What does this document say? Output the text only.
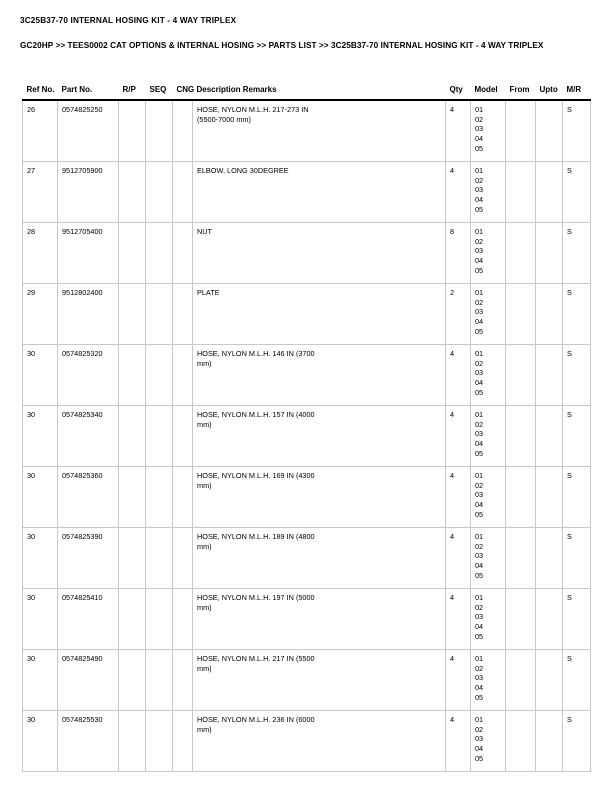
3C25B37-70 INTERNAL HOSING KIT - 4 WAY TRIPLEX
GC20HP >> TEES0002 CAT OPTIONS & INTERNAL HOSING >> PARTS LIST >> 3C25B37-70 INTERNAL HOSING KIT - 4 WAY TRIPLEX
Ref No.	Part No.	R/P	SEQ	CNG	Description Remarks	Qty	Model	From	Upto	M/R
26	0574825250				HOSE, NYLON M.L.H. 217-273 IN
(5500-7000 mm)	4	01
02
03
04
05			S
27	9512705900				ELBOW, LONG 30DEGREE	4	01
02
03
04
05			S
28	9512705400				NUT	8	01
02
03
04
05			S
29	9512802400				PLATE	2	01
02
03
04
05			S
30	0574825320				HOSE, NYLON M.L.H. 146 IN (3700
mm)	4	01
02
03
04
05			S
30	0574825340				HOSE, NYLON M.L.H. 157 IN (4000
mm)	4	01
02
03
04
05			S
30	0574825360				HOSE, NYLON M.L.H. 169 IN (4300
mm)	4	01
02
03
04
05			S
30	0574825390				HOSE, NYLON M.L.H. 189 IN (4800
mm)	4	01
02
03
04
05			S
30	0574825410				HOSE, NYLON M.L.H. 197 IN (5000
mm)	4	01
02
03
04
05			S
30	0574825490				HOSE, NYLON M.L.H. 217 IN (5500
mm)	4	01
02
03
04
05			S
30	0574825530				HOSE, NYLON M.L.H. 236 IN (6000
mm)	4	01
02
03
04
05			S
